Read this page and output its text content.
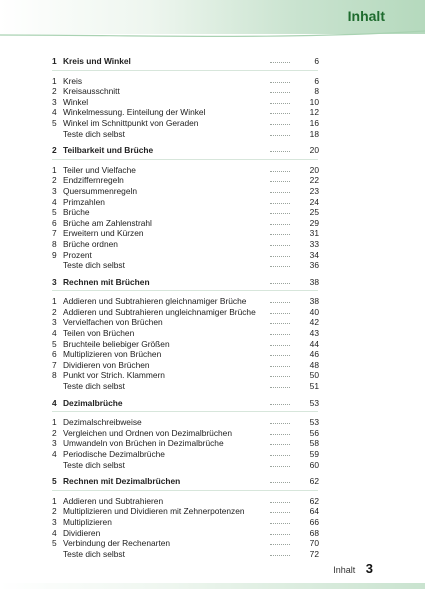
Inhalt
1 Kreis und Winkel	6
1 Kreis	6
2 Kreisausschnitt	8
3 Winkel	10
4 Winkelmessung. Einteilung der Winkel	12
5 Winkel im Schnittpunkt von Geraden	16
Teste dich selbst	18
2 Teilbarkeit und Brüche	20
1 Teiler und Vielfache	20
2 Endziffernregeln	22
3 Quersummenregeln	23
4 Primzahlen	24
5 Brüche	25
6 Brüche am Zahlenstrahl	29
7 Erweitern und Kürzen	31
8 Brüche ordnen	33
9 Prozent	34
Teste dich selbst	36
3 Rechnen mit Brüchen	38
1 Addieren und Subtrahieren gleichnamiger Brüche	38
2 Addieren und Subtrahieren ungleichnamiger Brüche	40
3 Vervielfachen von Brüchen	42
4 Teilen von Brüchen	43
5 Bruchteile beliebiger Größen	44
6 Multiplizieren von Brüchen	46
7 Dividieren von Brüchen	48
8 Punkt vor Strich. Klammern	50
Teste dich selbst	51
4 Dezimalbrüche	53
1 Dezimalschreibweise	53
2 Vergleichen und Ordnen von Dezimalbrüchen	56
3 Umwandeln von Brüchen in Dezimalbrüche	58
4 Periodische Dezimalbrüche	59
Teste dich selbst	60
5 Rechnen mit Dezimalbrüchen	62
1 Addieren und Subtrahieren	62
2 Multiplizieren und Dividieren mit Zehnerpotenzen	64
3 Multiplizieren	66
4 Dividieren	68
5 Verbindung der Rechenarten	70
Teste dich selbst	72
Inhalt 3
